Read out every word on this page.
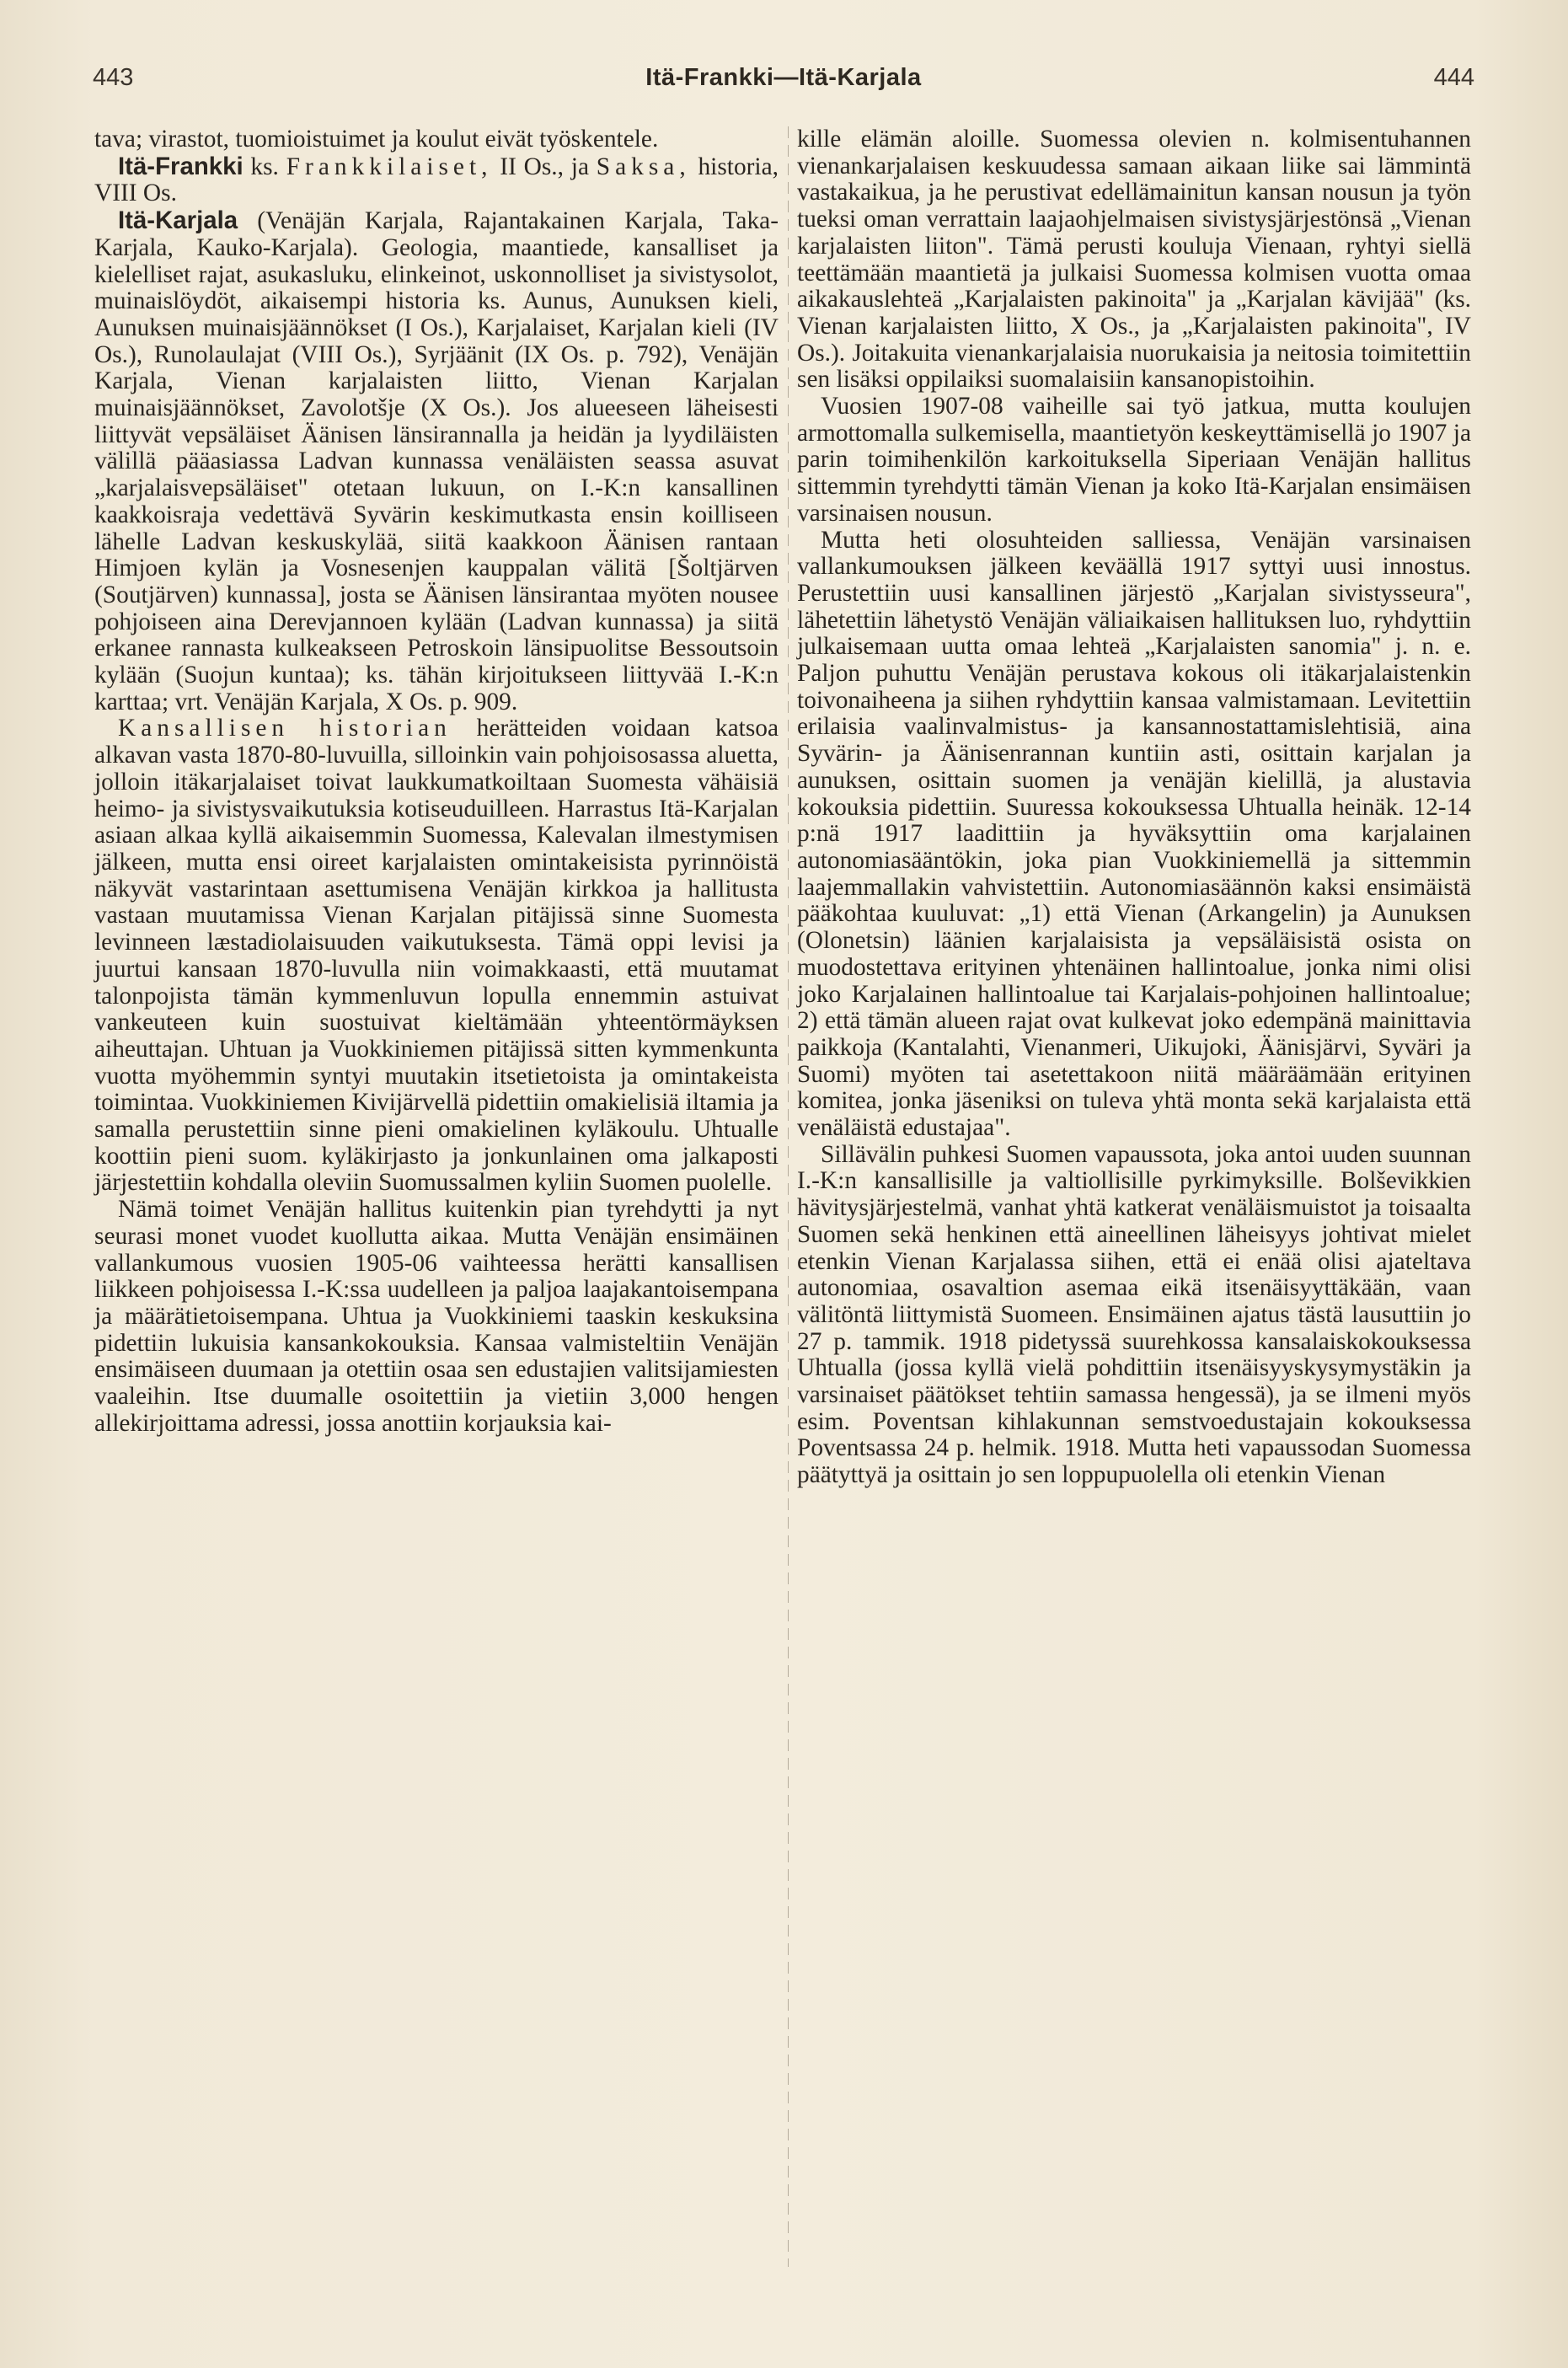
443	Itä-Frankki—Itä-Karjala	444

tava; virastot, tuomioistuimet ja koulut eivät työskentele.

Itä-Frankki ks. Frankkilaiset, II Os., ja Saksa, historia, VIII Os.

Itä-Karjala (Venäjän Karjala, Rajantakainen Karjala, Taka-Karjala, Kauko-Karjala). Geologia, maantiede, kansalliset ja kielelliset rajat, asukasluku, elinkeinot, uskonnolliset ja sivistysolot, muinaislöydöt, aikaisempi historia ks. Aunus, Aunuksen kieli, Aunuksen muinaisjäännökset (I Os.), Karjalaiset, Karjalan kieli (IV Os.), Runolaulajat (VIII Os.), Syrjäänit (IX Os. p. 792), Venäjän Karjala, Vienan karjalaisten liitto, Vienan Karjalan muinaisjäännökset, Zavolotšje (X Os.). Jos alueeseen läheisesti liittyvät vepsäläiset Äänisen länsirannalla ja heidän ja lyydiläisten välillä pääasiassa Ladvan kunnassa venäläisten seassa asuvat „karjalaisvepsäläiset" otetaan lukuun, on I.-K:n kansallinen kaakkoisraja vedettävä Syvärin keskimutkasta ensin koilliseen lähelle Ladvan keskuskylää, siitä kaakkoon Äänisen rantaan Himjoen kylän ja Vosnesenjen kauppalan välitä [Šoltjärven (Soutjärven) kunnassa], josta se Äänisen länsirantaa myöten nousee pohjoiseen aina Derevjannoen kylään (Ladvan kunnassa) ja siitä erkanee rannasta kulkeakseen Petroskoin länsipuolitse Bessoutsoin kylään (Suojun kuntaa); ks. tähän kirjoitukseen liittyvää I.-K:n karttaa; vrt. Venäjän Karjala, X Os. p. 909.

Kansallisen historian herätteiden voidaan katsoa alkavan vasta 1870-80-luvuilla, silloinkin vain pohjoisosassa aluetta, jolloin itäkarjalaiset toivat laukkumatkoiltaan Suomesta vähäisiä heimo- ja sivistysvaikutuksia kotiseuduilleen. Harrastus Itä-Karjalan asiaan alkaa kyllä aikaisemmin Suomessa, Kalevalan ilmestymisen jälkeen, mutta ensi oireet karjalaisten omintakeisista pyrinnöistä näkyvät vastarintaan asettumisena Venäjän kirkkoa ja hallitusta vastaan muutamissa Vienan Karjalan pitäjissä sinne Suomesta levinneen læstadiolaisuuden vaikutuksesta. Tämä oppi levisi ja juurtui kansaan 1870-luvulla niin voimakkaasti, että muutamat talonpojista tämän kymmenluvun lopulla ennemmin astuivat vankeuteen kuin suostuivat kieltämään yhteentörmäyksen aiheuttajan. Uhtuan ja Vuokkiniemen pitäjissä sitten kymmenkunta vuotta myöhemmin syntyi muutakin itsetietoista ja omintakeista toimintaa. Vuokkiniemen Kivijärvellä pidettiin omakielisiä iltamia ja samalla perustettiin sinne pieni omakielinen kyläkoulu. Uhtualle koottiin pieni suom. kyläkirjasto ja jonkunlainen oma jalkaposti järjestettiin kohdalla oleviin Suomussalmen kyliin Suomen puolelle.

Nämä toimet Venäjän hallitus kuitenkin pian tyrehdytti ja nyt seurasi monet vuodet kuollutta aikaa. Mutta Venäjän ensimäinen vallankumous vuosien 1905-06 vaihteessa herätti kansallisen liikkeen pohjoisessa I.-K:ssa uudelleen ja paljoa laajakantoisempana ja määrätietoisempana. Uhtua ja Vuokkiniemi taaskin keskuksina pidettiin lukuisia kansankokouksia. Kansaa valmisteltiin Venäjän ensimäiseen duumaan ja otettiin osaa sen edustajien valitsijamiesten vaaleihin. Itse duumalle osoitettiin ja vietiin 3,000 hengen allekirjoittama adressi, jossa anottiin korjauksia kai-

kille elämän aloille. Suomessa olevien n. kolmisentuhannen vienankarjalaisen keskuudessa samaan aikaan liike sai lämmintä vastakaikua, ja he perustivat edellämainitun kansan nousun ja työn tueksi oman verrattain laajaohjelmaisen sivistysjärjestönsä „Vienan karjalaisten liiton". Tämä perusti kouluja Vienaan, ryhtyi siellä teettämään maantietä ja julkaisi Suomessa kolmisen vuotta omaa aikakauslehteä „Karjalaisten pakinoita" ja „Karjalan kävijää" (ks. Vienan karjalaisten liitto, X Os., ja „Karjalaisten pakinoita", IV Os.). Joitakuita vienankarjalaisia nuorukaisia ja neitosia toimitettiin sen lisäksi oppilaiksi suomalaisiin kansanopistoihin.

Vuosien 1907-08 vaiheille sai työ jatkua, mutta koulujen armottomalla sulkemisella, maantietyön keskeyttämisellä jo 1907 ja parin toimihenkilön karkoituksella Siperiaan Venäjän hallitus sittemmin tyrehdytti tämän Vienan ja koko Itä-Karjalan ensimäisen varsinaisen nousun.

Mutta heti olosuhteiden salliessa, Venäjän varsinaisen vallankumouksen jälkeen keväällä 1917 syttyi uusi innostus. Perustettiin uusi kansallinen järjestö „Karjalan sivistysseura", lähetettiin lähetystö Venäjän väliaikaisen hallituksen luo, ryhdyttiin julkaisemaan uutta omaa lehteä „Karjalaisten sanomia" j. n. e. Paljon puhuttu Venäjän perustava kokous oli itäkarjalaistenkin toivonaiheena ja siihen ryhdyttiin kansaa valmistamaan. Levitettiin erilaisia vaalinvalmistus- ja kansannostattamislehtisiä, aina Syvärin- ja Äänisenrannan kuntiin asti, osittain karjalan ja aunuksen, osittain suomen ja venäjän kielillä, ja alustavia kokouksia pidettiin. Suuressa kokouksessa Uhtualla heinäk. 12-14 p:nä 1917 laadittiin ja hyväksyttiin oma karjalainen autonomiasääntökin, joka pian Vuokkiniemellä ja sittemmin laajemmallakin vahvistettiin. Autonomiasäännön kaksi ensimäistä pääkohtaa kuuluvat: „1) että Vienan (Arkangelin) ja Aunuksen (Olonetsin) läänien karjalaisista ja vepsäläisistä osista on muodostettava erityinen yhtenäinen hallintoalue, jonka nimi olisi joko Karjalainen hallintoalue tai Karjalais-pohjoinen hallintoalue; 2) että tämän alueen rajat ovat kulkevat joko edempänä mainittavia paikkoja (Kantalahti, Vienanmeri, Uikujoki, Äänisjärvi, Syväri ja Suomi) myöten tai asetettakoon niitä määräämään erityinen komitea, jonka jäseniksi on tuleva yhtä monta sekä karjalaista että venäläistä edustajaa".

Sillävälin puhkesi Suomen vapaussota, joka antoi uuden suunnan I.-K:n kansallisille ja valtiollisille pyrkimyksille. Bolševikkien hävitysjärjestelmä, vanhat yhtä katkerat venäläismuistot ja toisaalta Suomen sekä henkinen että aineellinen läheisyys johtivat mielet etenkin Vienan Karjalassa siihen, että ei enää olisi ajateltava autonomiaa, osavaltion asemaa eikä itsenäisyyttäkään, vaan välitöntä liittymistä Suomeen. Ensimäinen ajatus tästä lausuttiin jo 27 p. tammik. 1918 pidetyssä suurehkossa kansalaiskokouksessa Uhtualla (jossa kyllä vielä pohdittiin itsenäisyyskysymystäkin ja varsinaiset päätökset tehtiin samassa hengessä), ja se ilmeni myös esim. Poventsan kihlakunnan semstvoedustajain kokouksessa Poventsassa 24 p. helmik. 1918. Mutta heti vapaussodan Suomessa päätyttyä ja osittain jo sen loppupuolella oli etenkin Vienan
